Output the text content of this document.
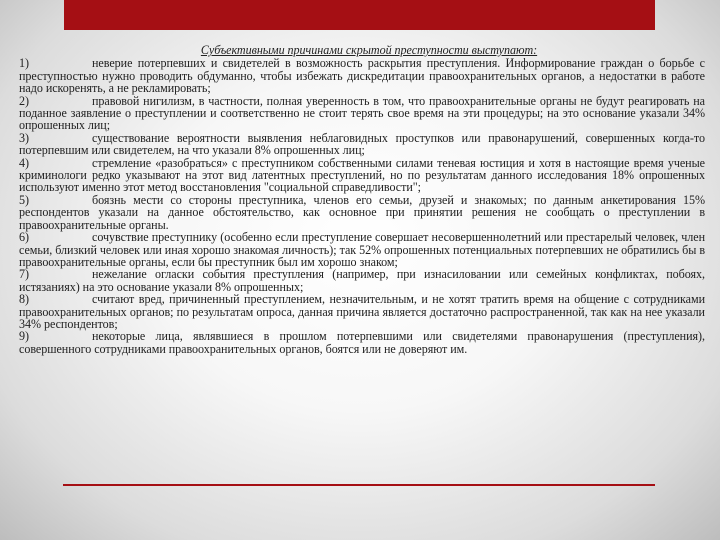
Субъективными причинами скрытой преступности выступают:

1)	неверие потерпевших и свидетелей в возможность раскрытия преступления. Информирование граждан о борьбе с преступностью нужно проводить обдуманно, чтобы избежать дискредитации правоохранительных органов, а недостатки в работе надо искоренять, а не рекламировать;

2)	правовой нигилизм, в частности, полная уверенность в том, что правоохранительные органы не будут реагировать на поданное заявление о преступлении и соответственно не стоит терять свое время на эти процедуры; на это основание указали 34% опрошенных лиц;

3)	существование вероятности выявления неблаговидных проступков или правонарушений, совершенных когда-то потерпевшим или свидетелем, на что указали 8% опрошенных лиц;

4)	стремление «разобраться» с преступником собственными силами теневая юстиция и хотя в настоящие время ученые криминологи редко указывают на этот вид латентных преступлений, но по результатам данного исследования 18% опрошенных используют именно этот метод восстановления "социальной справедливости";

5)	боязнь мести со стороны преступника, членов его семьи, друзей и знакомых; по данным анкетирования 15% респондентов указали на данное обстоятельство, как основное при принятии решения не сообщать о преступлении в правоохранительные органы.

6)	сочувствие преступнику (особенно если преступление совершает несовершеннолетний или престарелый человек, член семьи, близкий человек или иная хорошо знакомая личность); так 52% опрошенных потенциальных потерпевших не обратились бы в правоохранительные органы, если бы преступник был им хорошо знаком;

7)	нежелание огласки события преступления (например, при изнасиловании или семейных конфликтах, побоях, истязаниях) на это основание указали 8% опрошенных;

8)	считают вред, причиненный преступлением, незначительным, и не хотят тратить время на общение с сотрудниками правоохранительных органов; по результатам опроса, данная причина является достаточно распространенной, так как на нее указали 34% респондентов;

9)	некоторые лица, являвшиеся в прошлом потерпевшими или свидетелями правонарушения (преступления), совершенного сотрудниками правоохранительных органов, боятся или не доверяют им.
